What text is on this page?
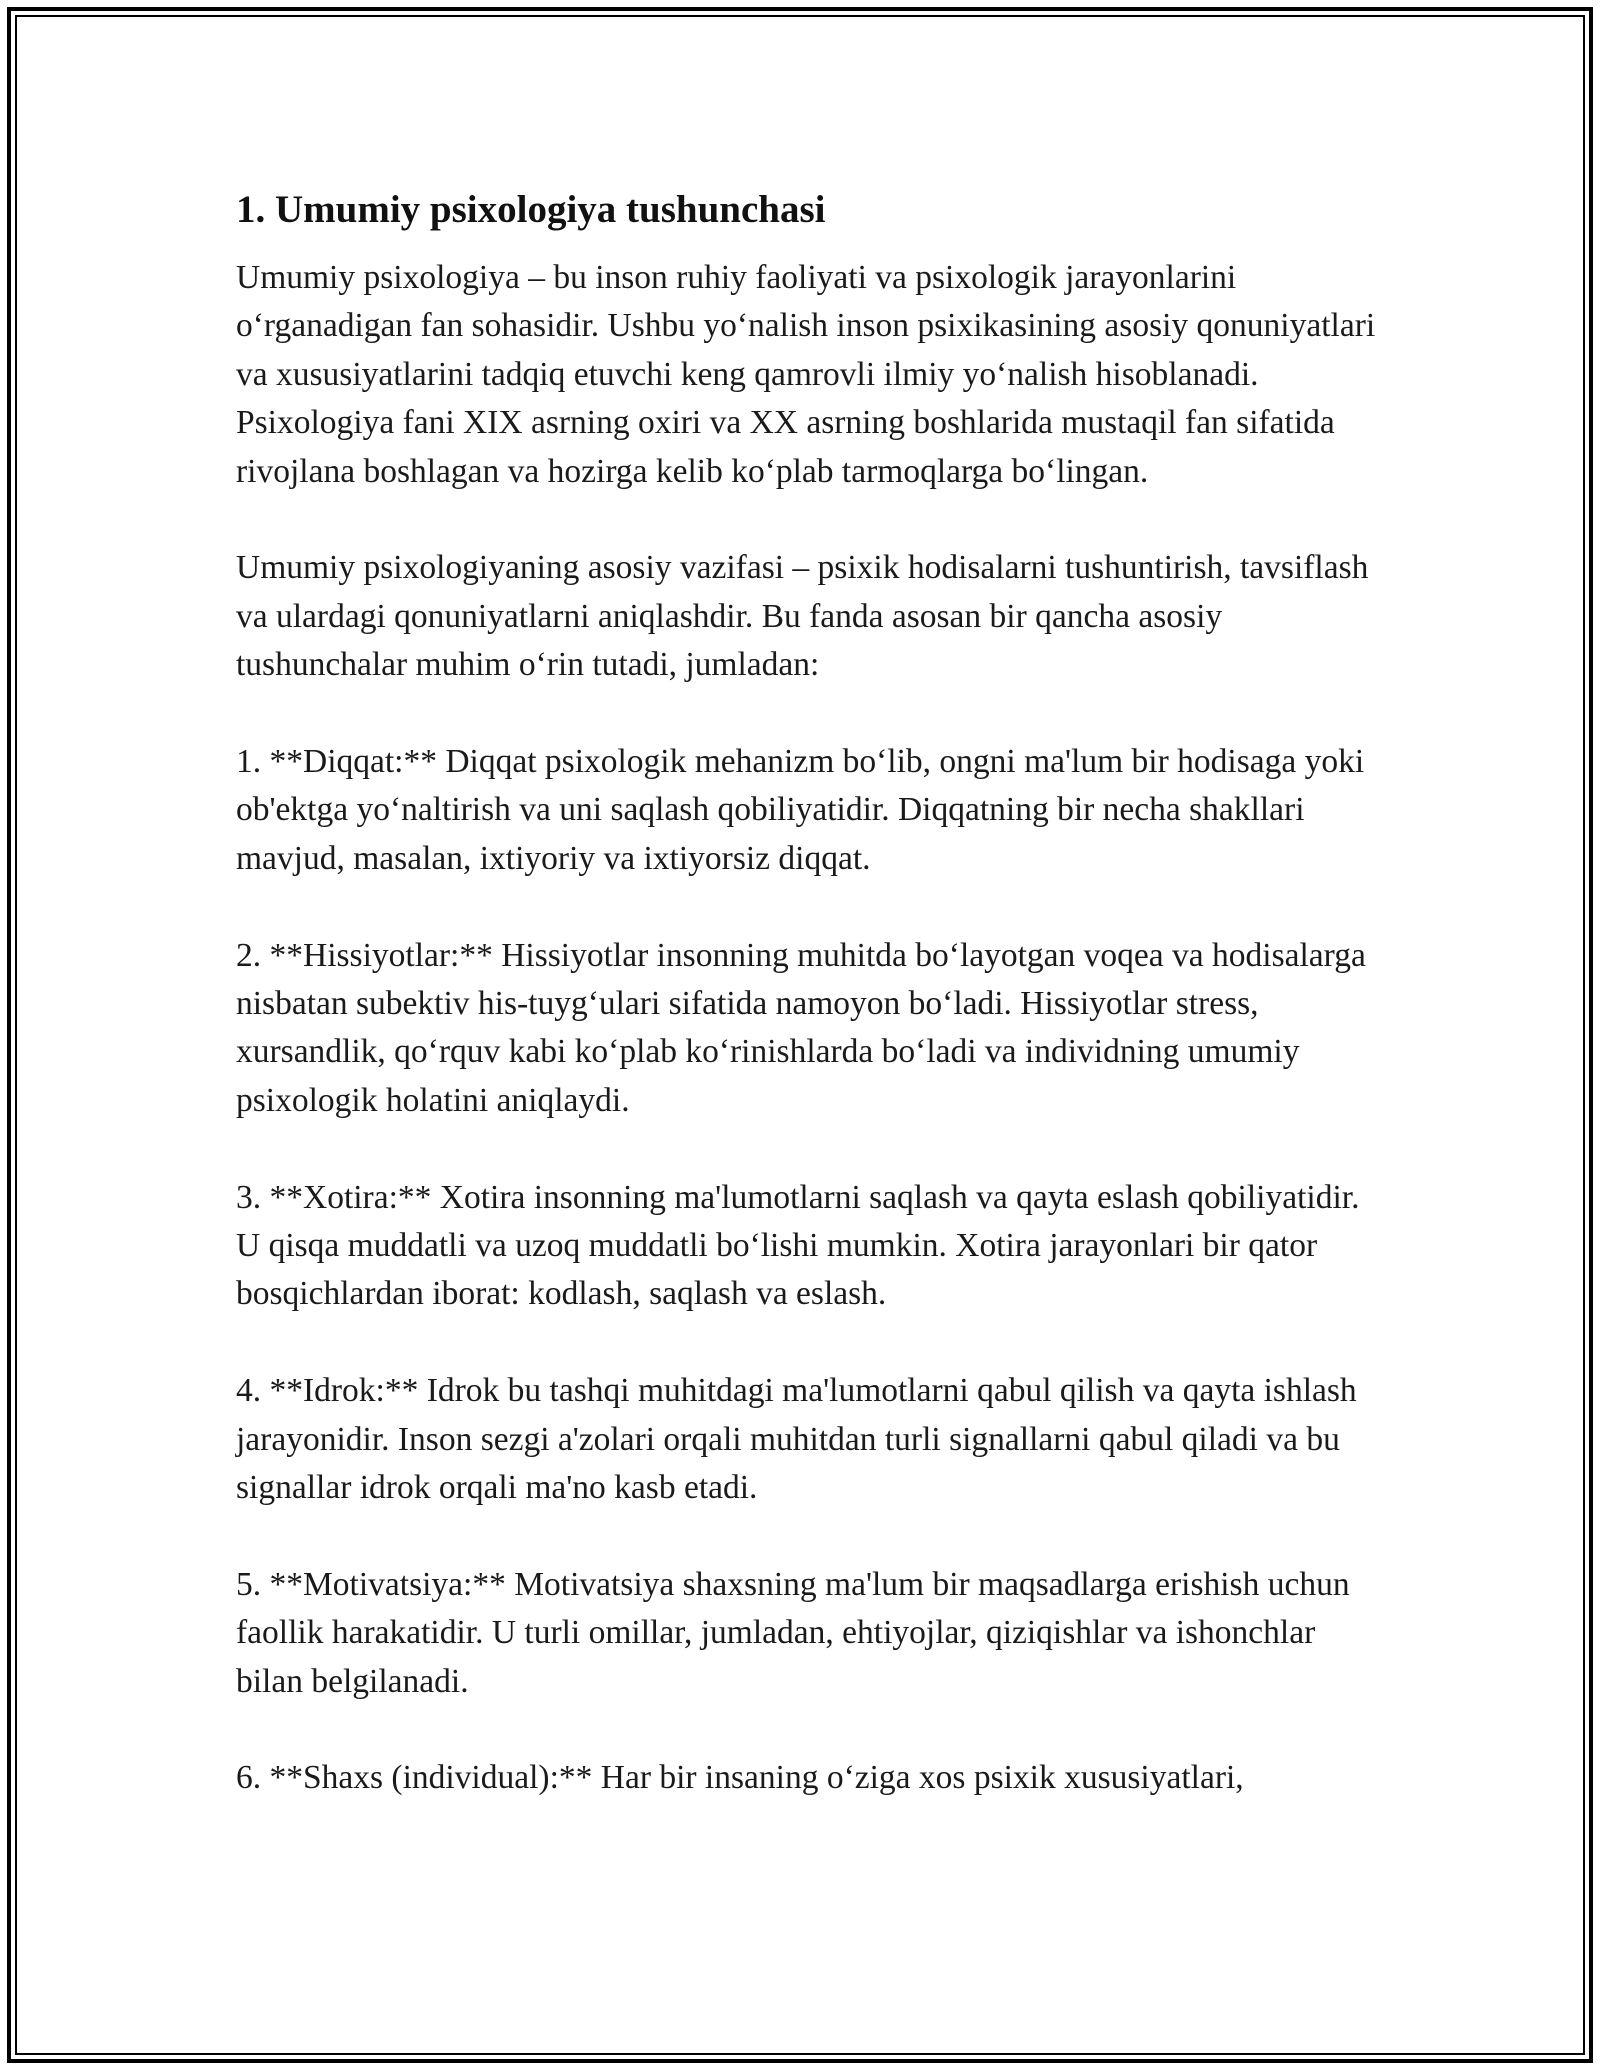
1. Umumiy psixologiya tushunchasi

Umumiy psixologiya – bu inson ruhiy faoliyati va psixologik jarayonlarini o‘rganadigan fan sohasidir. Ushbu yo‘nalish inson psixikasining asosiy qonuniyatlari va xususiyatlarini tadqiq etuvchi keng qamrovli ilmiy yo‘nalish hisoblanadi. Psixologiya fani XIX asrning oxiri va XX asrning boshlarida mustaqil fan sifatida rivojlana boshlagan va hozirga kelib ko‘plab tarmoqlarga bo‘lingan.

Umumiy psixologiyaning asosiy vazifasi – psixik hodisalarni tushuntirish, tavsiflash va ulardagi qonuniyatlarni aniqlashdir. Bu fanda asosan bir qancha asosiy tushunchalar muhim o‘rin tutadi, jumladan:

1. **Diqqat:** Diqqat psixologik mehanizm bo‘lib, ongni ma'lum bir hodisaga yoki ob'ektga yo‘naltirish va uni saqlash qobiliyatidir. Diqqatning bir necha shakllari mavjud, masalan, ixtiyoriy va ixtiyorsiz diqqat.

2. **Hissiyotlar:** Hissiyotlar insonning muhitda bo‘layotgan voqea va hodisalarga nisbatan subektiv his-tuyg‘ulari sifatida namoyon bo‘ladi. Hissiyotlar stress, xursandlik, qo‘rquv kabi ko‘plab ko‘rinishlarda bo‘ladi va individning umumiy psixologik holatini aniqlaydi.

3. **Xotira:** Xotira insonning ma'lumotlarni saqlash va qayta eslash qobiliyatidir. U qisqa muddatli va uzoq muddatli bo‘lishi mumkin. Xotira jarayonlari bir qator bosqichlardan iborat: kodlash, saqlash va eslash.

4. **Idrok:** Idrok bu tashqi muhitdagi ma'lumotlarni qabul qilish va qayta ishlash jarayonidir. Inson sezgi a'zolari orqali muhitdan turli signallarni qabul qiladi va bu signallar idrok orqali ma'no kasb etadi.

5. **Motivatsiya:** Motivatsiya shaxsning ma'lum bir maqsadlarga erishish uchun faollik harakatidir. U turli omillar, jumladan, ehtiyojlar, qiziqishlar va ishonchlar bilan belgilanadi.

6. **Shaxs (individual):** Har bir insaning o‘ziga xos psixik xususiyatlari,
